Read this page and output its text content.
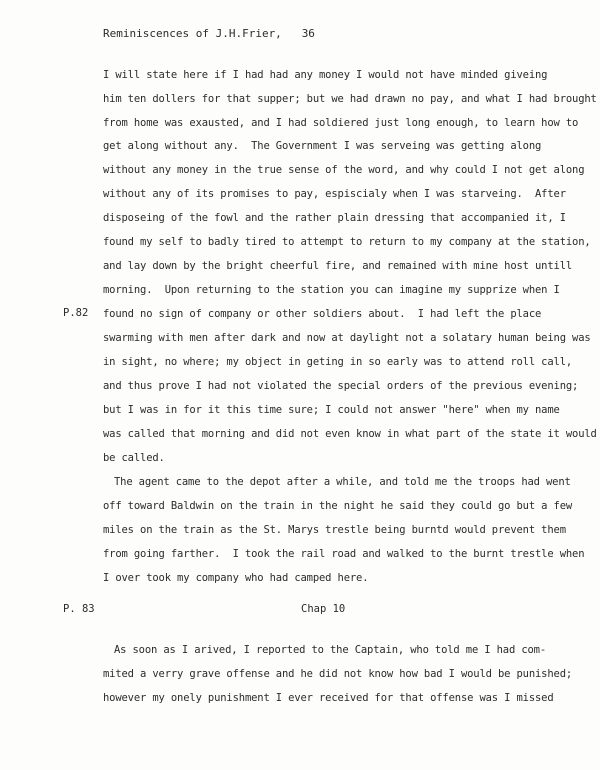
Reminiscences of J.H.Frier, 36
P.82
P. 83
I will state here if I had had any money I would not have minded giveing
him ten dollers for that supper; but we had drawn no pay, and what I had brought
from home was exausted, and I had soldiered just long enough, to learn how to
get along without any.  The Government I was serveing was getting along
without any money in the true sense of the word, and why could I not get along
without any of its promises to pay, espiscialy when I was starveing.  After
disposeing of the fowl and the rather plain dressing that accompanied it, I
found my self to badly tired to attempt to return to my company at the station,
and lay down by the bright cheerful fire, and remained with mine host untill
morning.  Upon returning to the station you can imagine my supprize when I
found no sign of company or other soldiers about.  I had left the place
swarming with men after dark and now at daylight not a solatary human being was
in sight, no where; my object in geting in so early was to attend roll call,
and thus prove I had not violated the special orders of the previous evening;
but I was in for it this time sure; I could not answer "here" when my name
was called that morning and did not even know in what part of the state it would
be called.
The agent came to the depot after a while, and told me the troops had went
off toward Baldwin on the train in the night he said they could go but a few
miles on the train as the St. Marys trestle being burntd would prevent them
from going farther.  I took the rail road and walked to the burnt trestle when
I over took my company who had camped here.
Chap 10
As soon as I arived, I reported to the Captain, who told me I had com-
mited a verry grave offense and he did not know how bad I would be punished;
however my onely punishment I ever received for that offense was I missed
